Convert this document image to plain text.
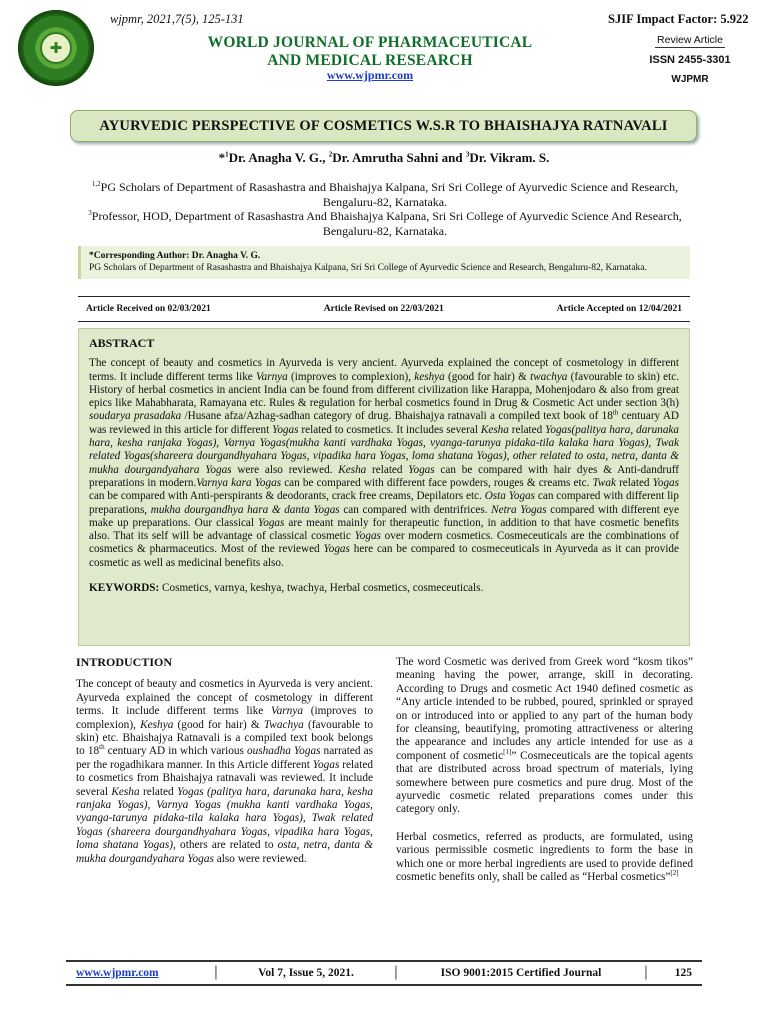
✚
wjpmr, 2021,7(5), 125-131	SJIF Impact Factor: 5.922
WORLD JOURNAL OF PHARMACEUTICAL
AND MEDICAL RESEARCH
www.wjpmr.com
Review Article
ISSN 2455-3301
WJPMR
AYURVEDIC PERSPECTIVE OF COSMETICS W.S.R TO BHAISHAJYA RATNAVALI
*$^1$Dr. Anagha V. G., $^2$Dr. Amrutha Sahni and $^3$Dr. Vikram. S.
$^{1,2}$PG Scholars of Department of Rasashastra and Bhaishajya Kalpana, Sri Sri College of Ayurvedic Science and Research, Bengaluru-82, Karnataka.
$^3$Professor, HOD, Department of Rasashastra And Bhaishajya Kalpana, Sri Sri College of Ayurvedic Science And Research, Bengaluru-82, Karnataka.
*Corresponding Author: Dr. Anagha V. G.
PG Scholars of Department of Rasashastra and Bhaishajya Kalpana, Sri Sri College of Ayurvedic Science and Research, Bengaluru-82, Karnataka.
Article Received on 02/03/2021	Article Revised on 22/03/2021	Article Accepted on 12/04/2021
ABSTRACT

The concept of beauty and cosmetics in Ayurveda is very ancient. Ayurveda explained the concept of cosmetology in different terms. It include different terms like Varnya (improves to complexion), keshya (good for hair) & twachya (favourable to skin) etc. History of herbal cosmetics in ancient India can be found from different civilization like Harappa, Mohenjodaro & also from great epics like Mahabharata, Ramayana etc. Rules & regulation for herbal cosmetics found in Drug & Cosmetic Act under section 3(h) soudarya prasadaka /Husane afza/Azhag-sadhan category of drug. Bhaishajya ratnavali a compiled text book of 18th centuary AD was reviewed in this article for different Yogas related to cosmetics. It includes several Kesha related Yogas(palitya hara, darunaka hara, kesha ranjaka Yogas), Varnya Yogas(mukha kanti vardhaka Yogas, vyanga-tarunya pidaka-tila kalaka hara Yogas), Twak related Yogas(shareera dourgandhyahara Yogas, vipadika hara Yogas, loma shatana Yogas), other related to osta, netra, danta & mukha dourgandyahara Yogas were also reviewed. Kesha related Yogas can be compared with hair dyes & Anti-dandruff preparations in modern.Varnya kara Yogas can be compared with different face powders, rouges & creams etc. Twak related Yogas can be compared with Anti-perspirants & deodorants, crack free creams, Depilators etc. Osta Yogas can compared with different lip preparations, mukha dourgandhya hara & danta Yogas can compared with dentrifrices. Netra Yogas compared with different eye make up preparations. Our classical Yogas are meant mainly for therapeutic function, in addition to that have cosmetic benefits also. That its self will be advantage of classical cosmetic Yogas over modern cosmetics. Cosmeceuticals are the combinations of cosmetics & pharmaceutics. Most of the reviewed Yogas here can be compared to cosmeceuticals in Ayurveda as it can provide cosmetic as well as medicinal benefits also.

KEYWORDS: Cosmetics, varnya, keshya, twachya, Herbal cosmetics, cosmeceuticals.

INTRODUCTION

The concept of beauty and cosmetics in Ayurveda is very ancient. Ayurveda explained the concept of cosmetology in different terms. It include different terms like Varnya (improves to complexion), Keshya (good for hair) & Twachya (favourable to skin) etc. Bhaishajya Ratnavali is a compiled text book belongs to 18th centuary AD in which various oushadha Yogas narrated as per the rogadhikara manner. In this Article different Yogas related to cosmetics from Bhaishajya ratnavali was reviewed. It include several Kesha related Yogas (palitya hara, darunaka hara, kesha ranjaka Yogas), Varnya Yogas (mukha kanti vardhaka Yogas, vyanga-tarunya pidaka-tila kalaka hara Yogas), Twak related Yogas (shareera dourgandhyahara Yogas, vipadika hara Yogas, loma shatana Yogas), others are related to osta, netra, danta & mukha dourgandyahara Yogas also were reviewed.

The word Cosmetic was derived from Greek word “kosm tikos” meaning having the power, arrange, skill in decorating. According to Drugs and cosmetic Act 1940 defined cosmetic as “Any article intended to be rubbed, poured, sprinkled or sprayed on or introduced into or applied to any part of the human body for cleansing, beautifying, promoting attractiveness or altering the appearance and includes any article intended for use as a component of cosmetic[1]” Cosmeceuticals are the topical agents that are distributed across broad spectrum of materials, lying somewhere between pure cosmetics and pure drug. Most of the ayurvedic cosmetic related preparations comes under this category only.

Herbal cosmetics, referred as products, are formulated, using various permissible cosmetic ingredients to form the base in which one or more herbal ingredients are used to provide defined cosmetic benefits only, shall be called as “Herbal cosmetics”[2]

www.wjpmr.com	│	Vol 7, Issue 5, 2021.	│	ISO 9001:2015 Certified Journal	│	125
